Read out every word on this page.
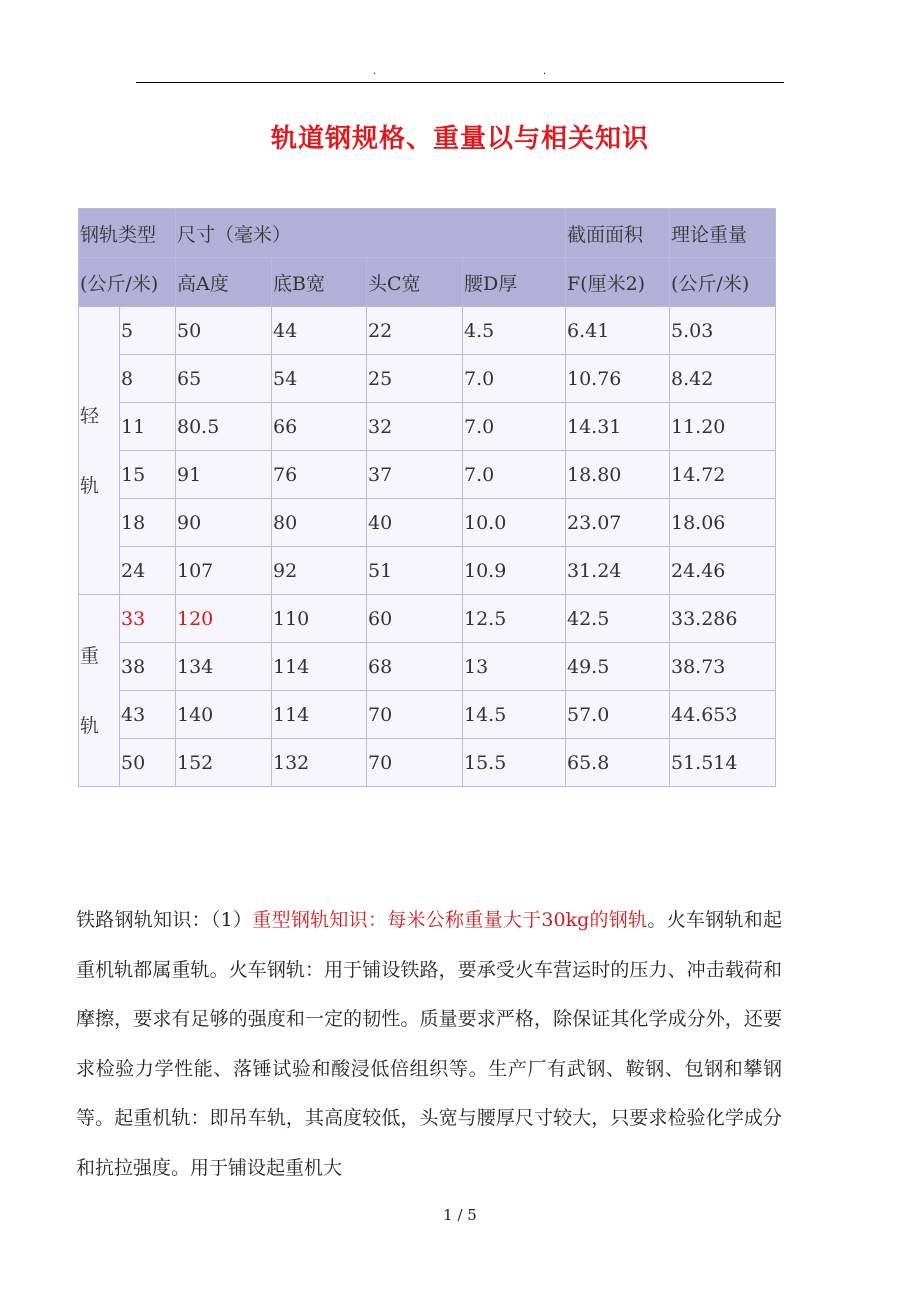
.	.
轨道钢规格、重量以与相关知识
钢轨类型		尺寸（毫米）				截面面积	理论重量
(公斤/米)		高A度	底B宽	头C宽	腰D厚	F(厘米2)	(公斤/米)

轻
轨	5	50	44	22	4.5	6.41	5.03
	8	65	54	25	7.0	10.76	8.42
	11	80.5	66	32	7.0	14.31	11.20
	15	91	76	37	7.0	18.80	14.72
	18	90	80	40	10.0	23.07	18.06
	24	107	92	51	10.9	31.24	24.46

重
轨	33	120	110	60	12.5	42.5	33.286
	38	134	114	68	13	49.5	38.73
	43	140	114	70	14.5	57.0	44.653
	50	152	132	70	15.5	65.8	51.514
铁路钢轨知识：（1）重型钢轨知识：每米公称重量大于30kg的钢轨。火车钢轨和起重机轨都属重轨。火车钢轨：用于铺设铁路，要承受火车营运时的压力、冲击载荷和摩擦，要求有足够的强度和一定的韧性。质量要求严格，除保证其化学成分外，还要求检验力学性能、落锤试验和酸浸低倍组织等。生产厂有武钢、鞍钢、包钢和攀钢等。起重机轨：即吊车轨，其高度较低，头宽与腰厚尺寸较大，只要求检验化学成分和抗拉强度。用于铺设起重机大
1 / 5
